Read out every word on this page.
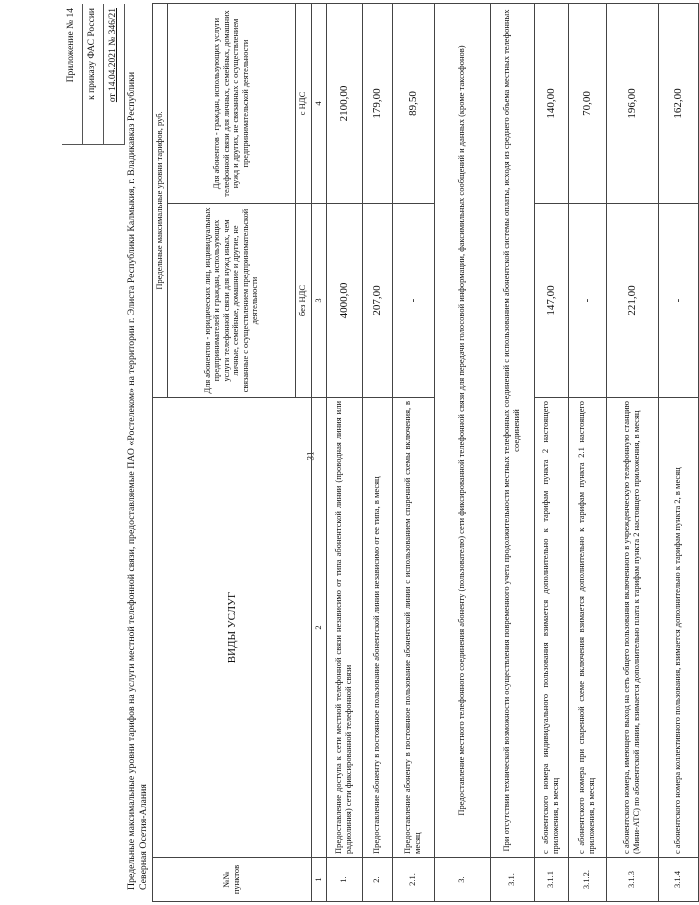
31
Приложение № 14	к приказу ФАС России	от 14.04.2021 № 346/21
Предельные максимальные уровни тарифов на услуги местной телефонной связи, предоставляемые ПАО «Ростелеком» на территории г. Элиста Республики Калмыкия, г. Владикавказ Республики Северная Осетия-Алания	№№ пунктов	ВИДЫ УСЛУГ	Предельные максимальные уровни тарифов, руб.	
		Для абонентов - юридических лиц, индивидуальных предпринимателей и граждан, использующих услуги телефонной связи для нужд иных, чем личные, семейные, домашние и другие, не связанные с осуществлением предпринимательской деятельности	Для абонентов - граждан, использующих услуги телефонной связи для личных, семейных, домашних нужд и других, не связанных с осуществлением предпринимательской деятельности
		без НДС	с НДС
1	2	3	4
1.	Предоставление доступа к сети местной телефонной связи независимо от типа абонентской линии (проводная линия или радиолиния) сети фиксированной телефонной связи	4000,00	2100,00
2.	Предоставление абоненту в постоянное пользование абонентской линии независимо от ее типа, в месяц	207,00	179,00
2.1.	Предоставление абоненту в постоянное пользование абонентской линии с использованием спаренной схемы включения, в месяц	-	89,50
3.	Предоставление местного телефонного соединения абоненту (пользователю) сети фиксированной телефонной связи для передачи голосовой информации, факсимильных сообщений и данных (кроме таксофонов)		
3.1.	При отсутствии технической возможности осуществления повременного учета продолжительности местных телефонных соединений с использованием абонентской системы оплаты, исходя из среднего объема местных телефонных соединений		
3.1.1	с абонентского номера индивидуального пользования взимается дополнительно к тарифам пункта 2 настоящего приложения, в месяц	147,00	140,00
3.1.2.	с абонентского номера при спаренной схеме включения взимается дополнительно к тарифам пункта 2.1 настоящего приложения, в месяц	-	70,00
3.1.3	с абонентского номера, имеющего выход на сеть общего пользования включенного в учрежденческую телефонную станцию (Мини-АТС) по абонентской линии, взимается дополнительно плата к тарифам пункта 2 настоящего приложения, в месяц	221,00	196,00
3.1.4	с абонентского номера коллективного пользования, взимается дополнительно к тарифам пункта 2, в месяц	-	162,00
